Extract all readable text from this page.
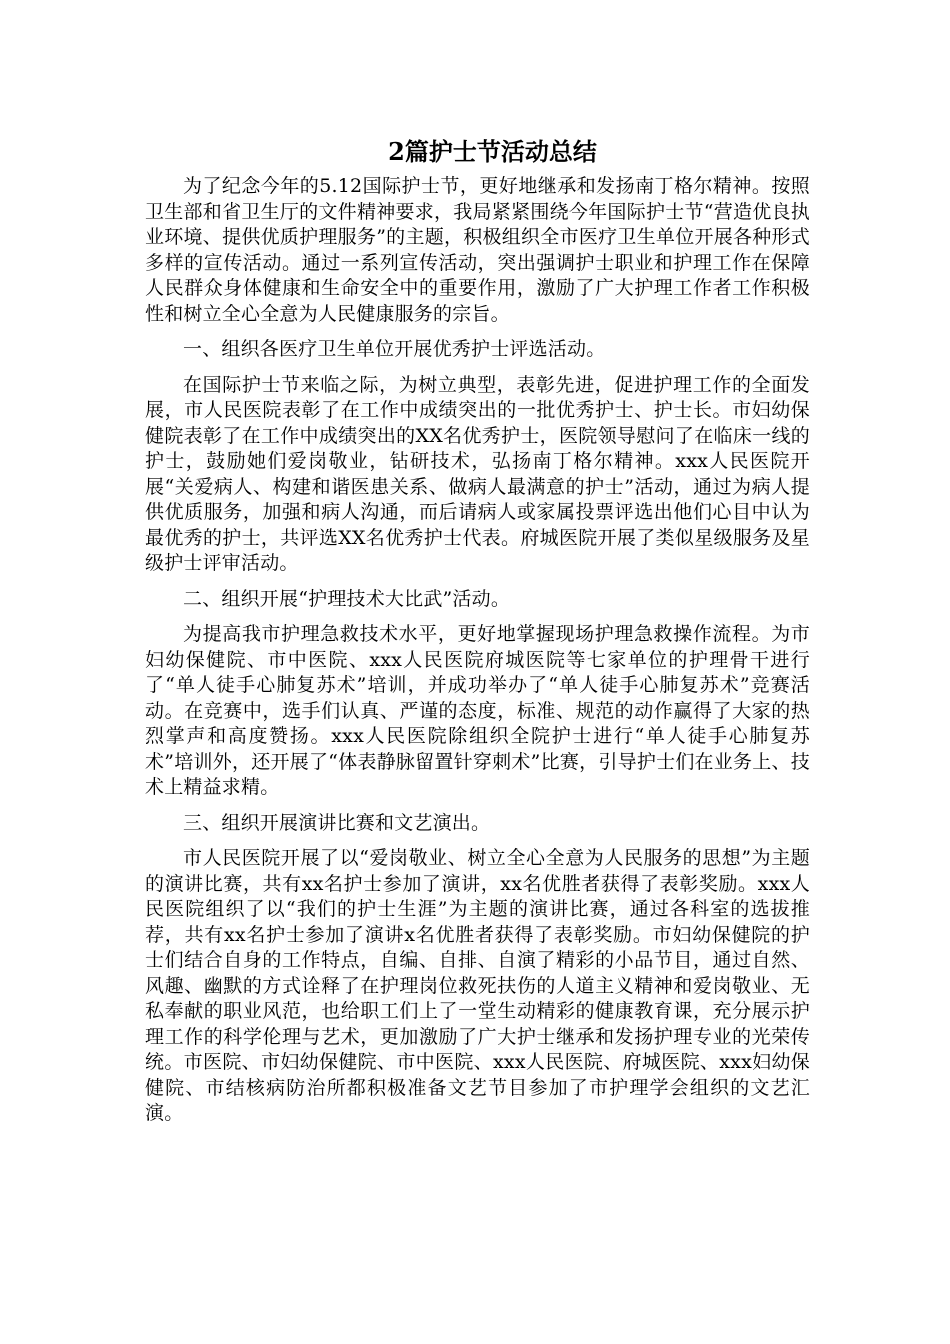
2篇护士节活动总结

为了纪念今年的5.12国际护士节，更好地继承和发扬南丁格尔精神。按照卫生部和省卫生厅的文件精神要求，我局紧紧围绕今年国际护士节“营造优良执业环境、提供优质护理服务”的主题，积极组织全市医疗卫生单位开展各种形式多样的宣传活动。通过一系列宣传活动，突出强调护士职业和护理工作在保障人民群众身体健康和生命安全中的重要作用，激励了广大护理工作者工作积极性和树立全心全意为人民健康服务的宗旨。

一、组织各医疗卫生单位开展优秀护士评选活动。

在国际护士节来临之际，为树立典型，表彰先进，促进护理工作的全面发展，市人民医院表彰了在工作中成绩突出的一批优秀护士、护士长。市妇幼保健院表彰了在工作中成绩突出的XX名优秀护士，医院领导慰问了在临床一线的护士，鼓励她们爱岗敬业，钻研技术，弘扬南丁格尔精神。xxx人民医院开展“关爱病人、构建和谐医患关系、做病人最满意的护士”活动，通过为病人提供优质服务，加强和病人沟通，而后请病人或家属投票评选出他们心目中认为最优秀的护士，共评选XX名优秀护士代表。府城医院开展了类似星级服务及星级护士评审活动。

二、组织开展“护理技术大比武”活动。

为提高我市护理急救技术水平，更好地掌握现场护理急救操作流程。为市妇幼保健院、市中医院、xxx人民医院府城医院等七家单位的护理骨干进行了“单人徒手心肺复苏术”培训，并成功举办了“单人徒手心肺复苏术”竞赛活动。在竞赛中，选手们认真、严谨的态度，标准、规范的动作赢得了大家的热烈掌声和高度赞扬。xxx人民医院除组织全院护士进行“单人徒手心肺复苏术”培训外，还开展了“体表静脉留置针穿刺术”比赛，引导护士们在业务上、技术上精益求精。

三、组织开展演讲比赛和文艺演出。

市人民医院开展了以“爱岗敬业、树立全心全意为人民服务的思想”为主题的演讲比赛，共有xx名护士参加了演讲，xx名优胜者获得了表彰奖励。xxx人民医院组织了以“我们的护士生涯”为主题的演讲比赛，通过各科室的选拔推荐，共有xx名护士参加了演讲x名优胜者获得了表彰奖励。市妇幼保健院的护士们结合自身的工作特点，自编、自排、自演了精彩的小品节目，通过自然、风趣、幽默的方式诠释了在护理岗位救死扶伤的人道主义精神和爱岗敬业、无私奉献的职业风范，也给职工们上了一堂生动精彩的健康教育课，充分展示护理工作的科学伦理与艺术，更加激励了广大护士继承和发扬护理专业的光荣传统。市医院、市妇幼保健院、市中医院、xxx人民医院、府城医院、xxx妇幼保健院、市结核病防治所都积极准备文艺节目参加了市护理学会组织的文艺汇演。
